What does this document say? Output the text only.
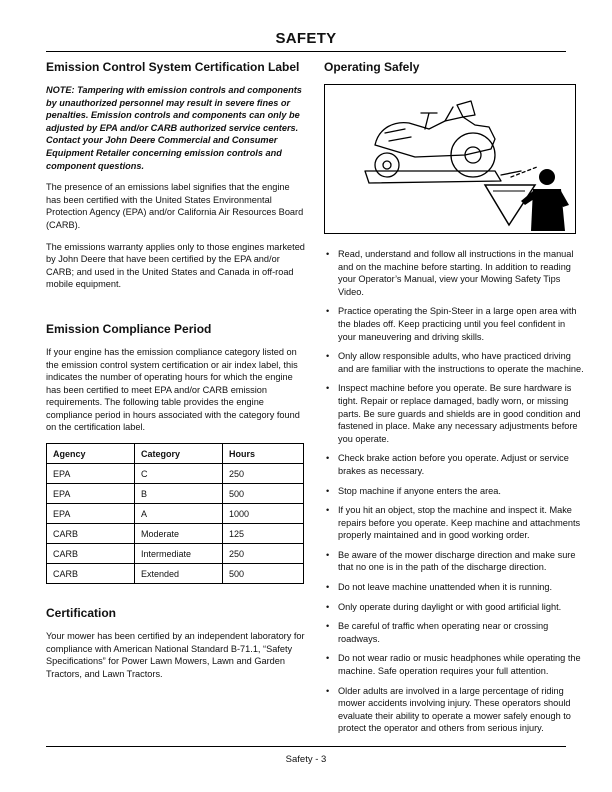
SAFETY
Emission Control System Certification Label

NOTE: Tampering with emission controls and components by unauthorized personnel may result in severe fines or penalties. Emission controls and components can only be adjusted by EPA and/or CARB authorized service centers. Contact your John Deere Commercial and Consumer Equipment Retailer concerning emission controls and component questions.

The presence of an emissions label signifies that the engine has been certified with the United States Environmental Protection Agency (EPA) and/or California Air Resources Board (CARB).

The emissions warranty applies only to those engines marketed by John Deere that have been certified by the EPA and/or CARB; and used in the United States and Canada in off-road mobile equipment.

Emission Compliance Period

If your engine has the emission compliance category listed on the emission control system certification or air index label, this indicates the number of operating hours for which the engine has been certified to meet EPA and/or CARB emission requirements. The following table provides the engine compliance period in hours associated with the category found on the certification label.

Agency	Category	Hours
EPA	C	250
EPA	B	500
EPA	A	1000
CARB	Moderate	125
CARB	Intermediate	250
CARB	Extended	500
Certification

Your mower has been certified by an independent laboratory for compliance with American National Standard B-71.1, “Safety Specifications” for Power Lawn Mowers, Lawn and Garden Tractors, and Lawn Tractors.

Operating Safely
• Read, understand and follow all instructions in the manual and on the machine before starting. In addition to reading your Operator’s Manual, view your Mowing Safety Tips Video.
• Practice operating the Spin-Steer in a large open area with the blades off. Keep practicing until you feel confident in your maneuvering and driving skills.
• Only allow responsible adults, who have practiced driving and are familiar with the instructions to operate the machine.
• Inspect machine before you operate. Be sure hardware is tight. Repair or replace damaged, badly worn, or missing parts. Be sure guards and shields are in good condition and fastened in place. Make any necessary adjustments before you operate.
• Check brake action before you operate. Adjust or service brakes as necessary.
• Stop machine if anyone enters the area.
• If you hit an object, stop the machine and inspect it. Make repairs before you operate. Keep machine and attachments properly maintained and in good working order.
• Be aware of the mower discharge direction and make sure that no one is in the path of the discharge direction.
• Do not leave machine unattended when it is running.
• Only operate during daylight or with good artificial light.
• Be careful of traffic when operating near or crossing roadways.
• Do not wear radio or music headphones while operating the machine. Safe operation requires your full attention.
• Older adults are involved in a large percentage of riding mower accidents involving injury. These operators should evaluate their ability to operate a mower safely enough to protect the operator and others from serious injury.
Safety - 3
